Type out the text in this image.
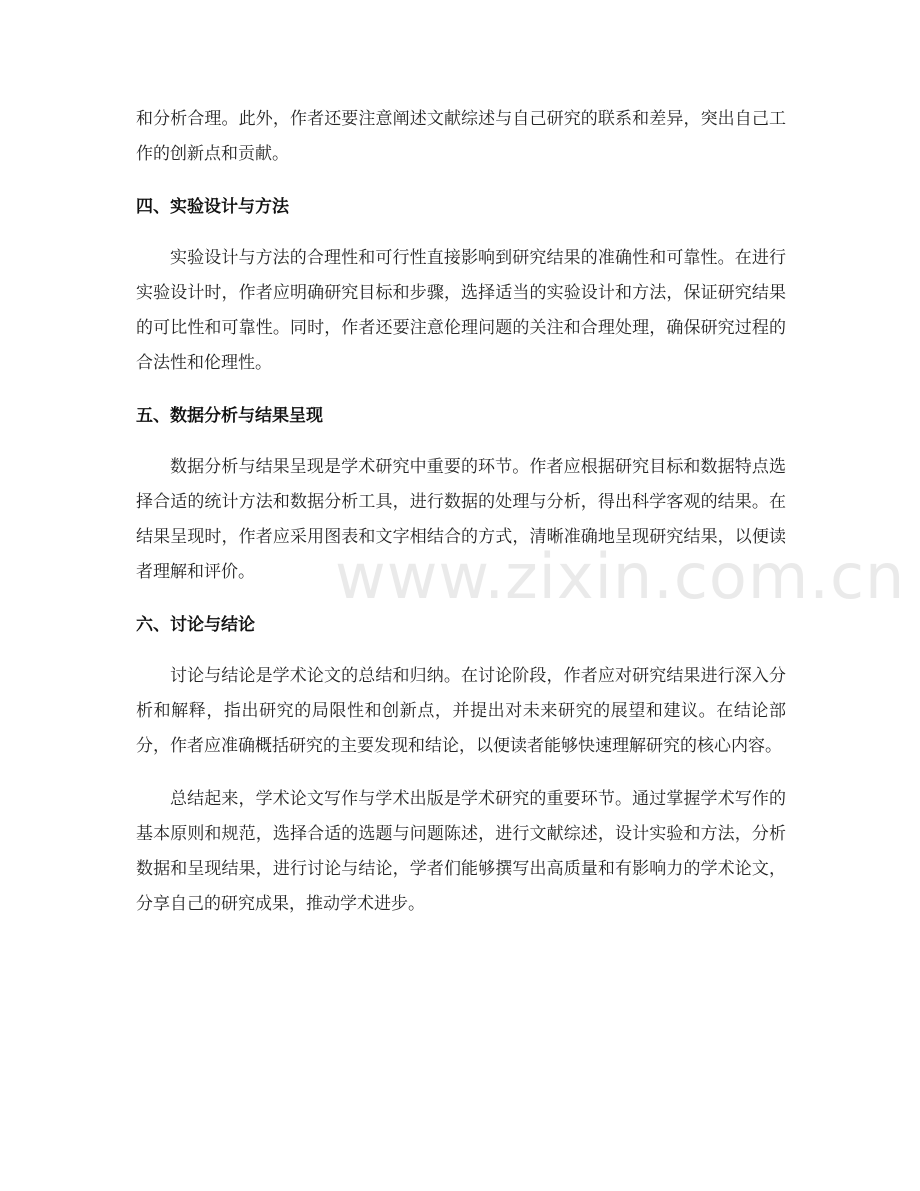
和分析合理。此外，作者还要注意阐述文献综述与自己研究的联系和差异，突出自己工作的创新点和贡献。

四、实验设计与方法

实验设计与方法的合理性和可行性直接影响到研究结果的准确性和可靠性。在进行实验设计时，作者应明确研究目标和步骤，选择适当的实验设计和方法，保证研究结果的可比性和可靠性。同时，作者还要注意伦理问题的关注和合理处理，确保研究过程的合法性和伦理性。

五、数据分析与结果呈现

数据分析与结果呈现是学术研究中重要的环节。作者应根据研究目标和数据特点选择合适的统计方法和数据分析工具，进行数据的处理与分析，得出科学客观的结果。在结果呈现时，作者应采用图表和文字相结合的方式，清晰准确地呈现研究结果，以便读者理解和评价。

六、讨论与结论

讨论与结论是学术论文的总结和归纳。在讨论阶段，作者应对研究结果进行深入分析和解释，指出研究的局限性和创新点，并提出对未来研究的展望和建议。在结论部分，作者应准确概括研究的主要发现和结论，以便读者能够快速理解研究的核心内容。

总结起来，学术论文写作与学术出版是学术研究的重要环节。通过掌握学术写作的基本原则和规范，选择合适的选题与问题陈述，进行文献综述，设计实验和方法，分析数据和呈现结果，进行讨论与结论，学者们能够撰写出高质量和有影响力的学术论文，分享自己的研究成果，推动学术进步。

www.zixin.com.cn
